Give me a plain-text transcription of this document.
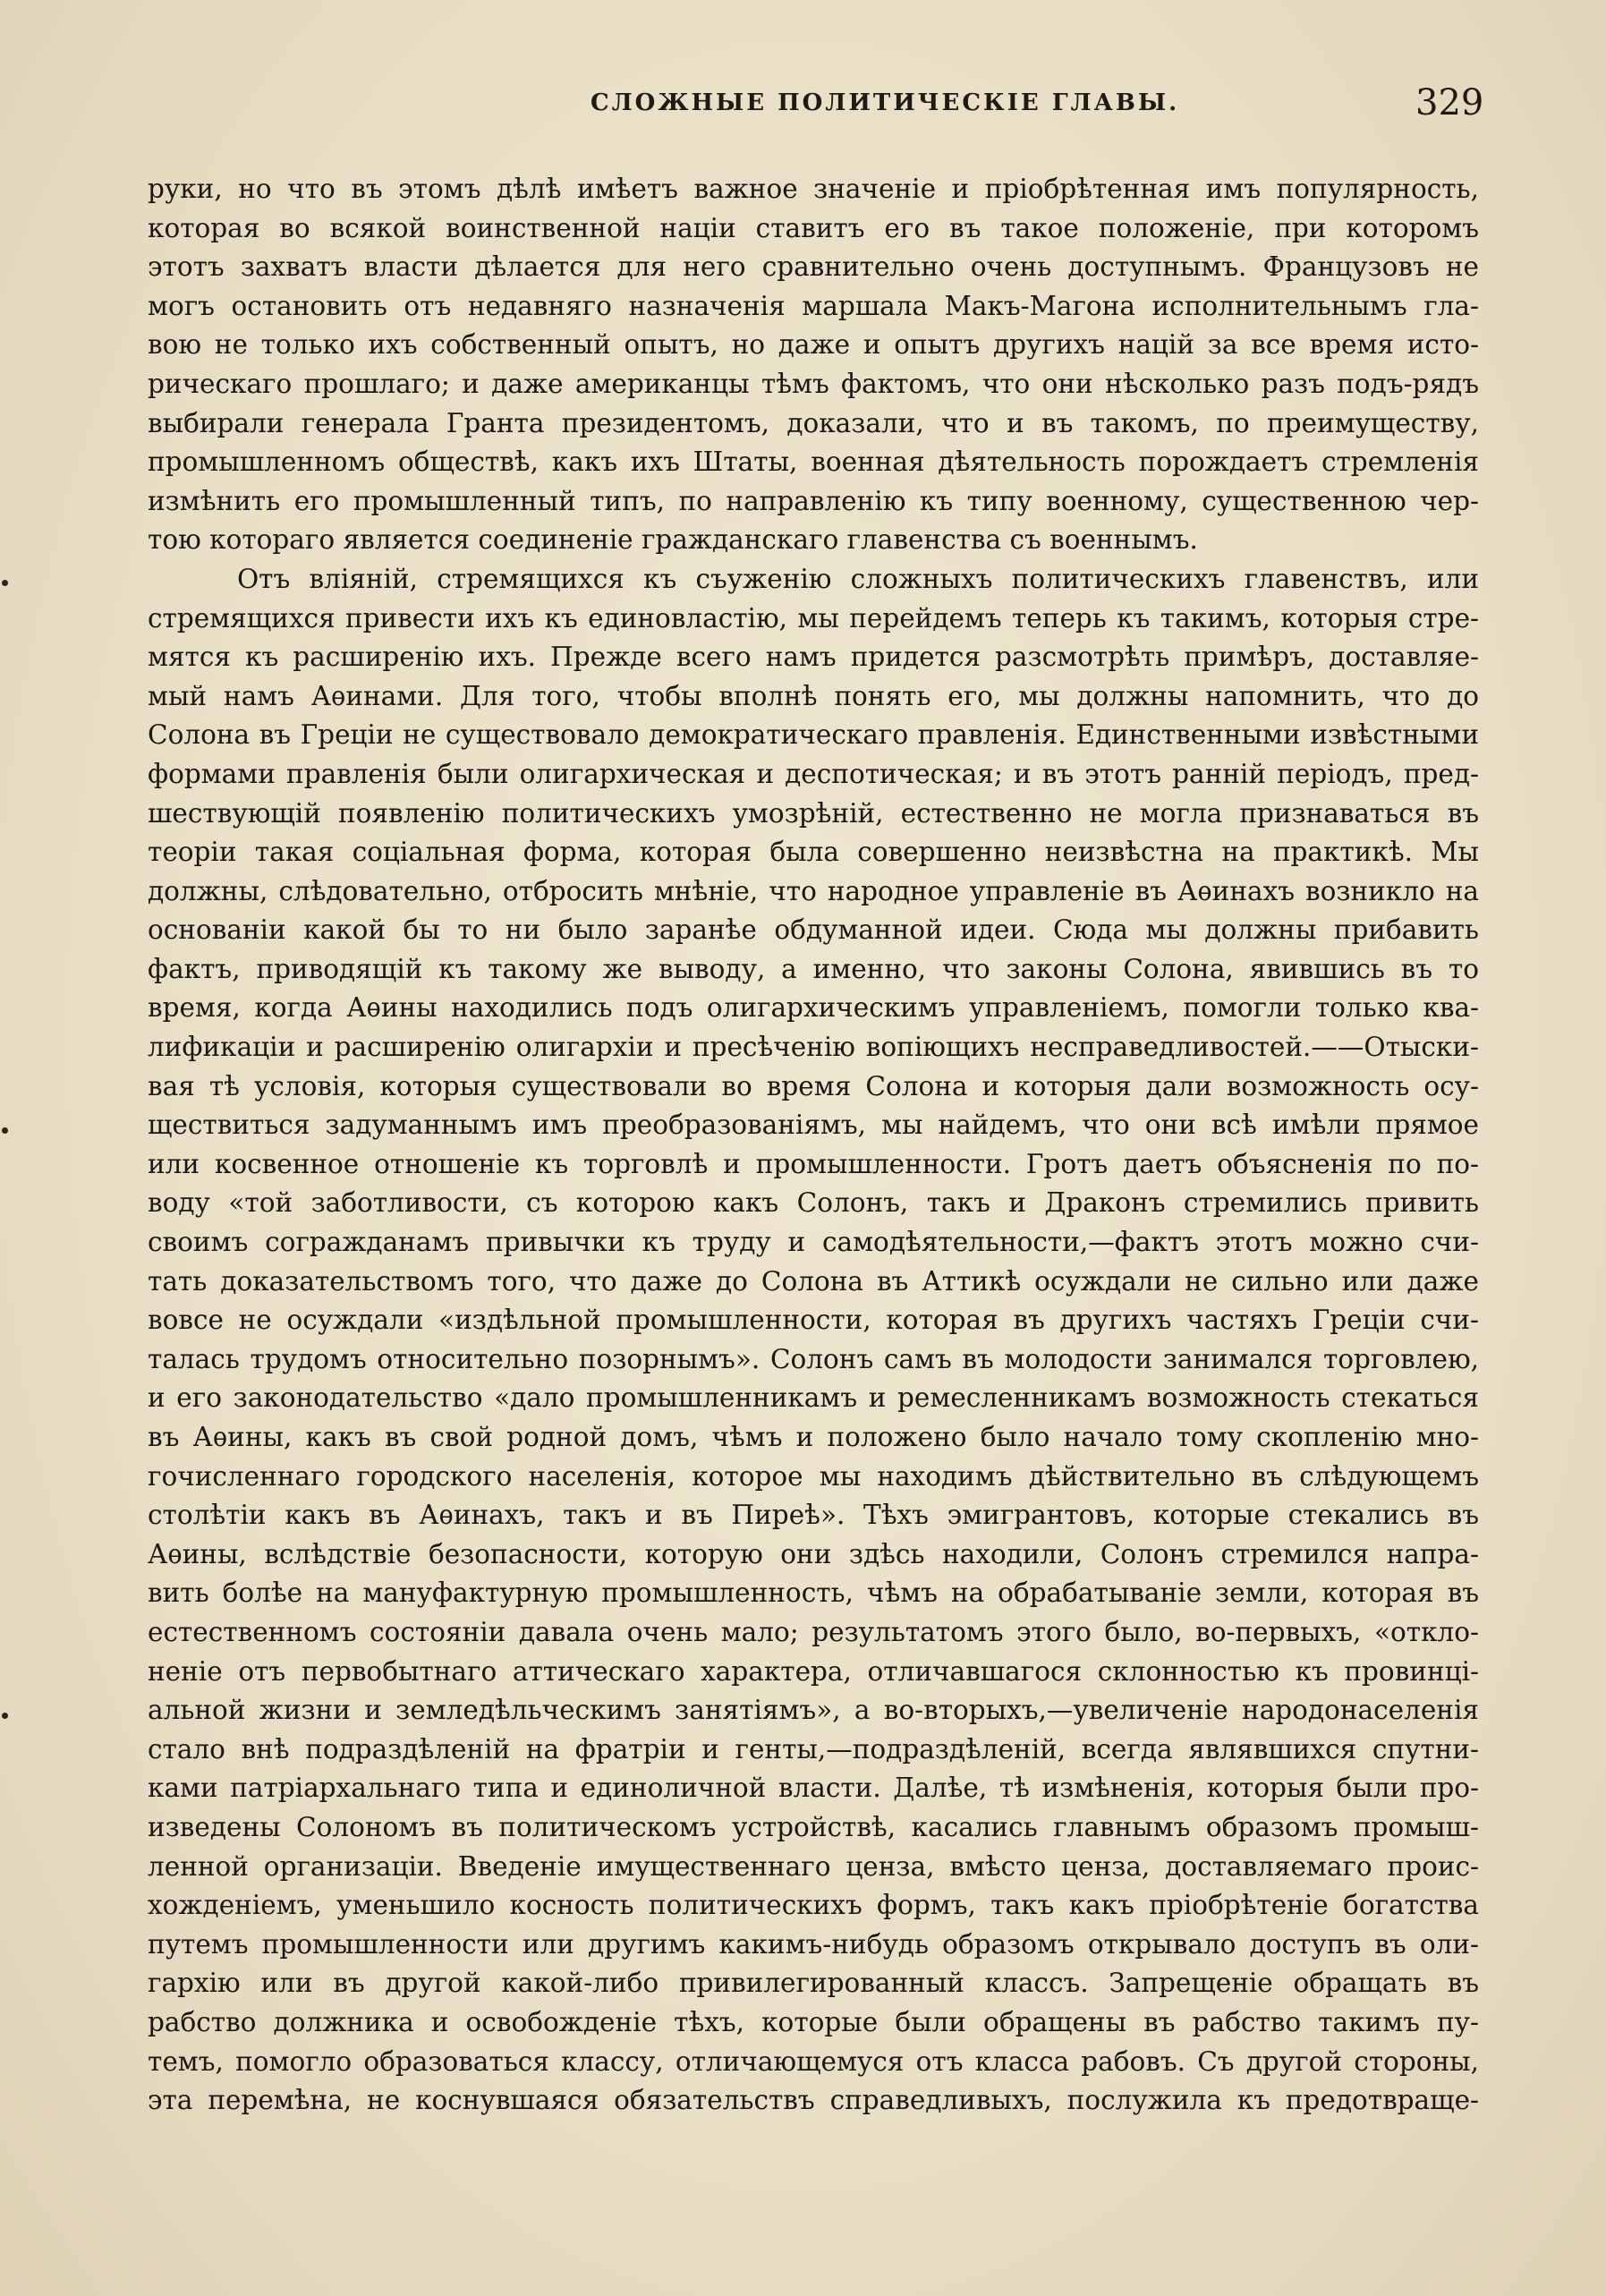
СЛОЖНЫЕ ПОЛИТИЧЕСКІЕ ГЛАВЫ.	329
руки, но что въ этомъ дѣлѣ имѣетъ важное значеніе и пріобрѣтенная имъ популярность,
которая во всякой воинственной націи ставитъ его въ такое положеніе, при которомъ
этотъ захватъ власти дѣлается для него сравнительно очень доступнымъ. Французовъ не
могъ остановить отъ недавняго назначенія маршала Макъ-Магона исполнительнымъ гла-
вою не только ихъ собственный опытъ, но даже и опытъ другихъ націй за все время исто-
рическаго прошлаго; и даже американцы тѣмъ фактомъ, что они нѣсколько разъ подъ-рядъ
выбирали генерала Гранта президентомъ, доказали, что и въ такомъ, по преимуществу,
промышленномъ обществѣ, какъ ихъ Штаты, военная дѣятельность порождаетъ стремленія
измѣнить его промышленный типъ, по направленію къ типу военному, существенною чер-
тою котораго является соединеніе гражданскаго главенства съ военнымъ.
Отъ вліяній, стремящихся къ съуженію сложныхъ политическихъ главенствъ, или
стремящихся привести ихъ къ единовластію, мы перейдемъ теперь къ такимъ, которыя стре-
мятся къ расширенію ихъ. Прежде всего намъ придется разсмотрѣть примѣръ, доставляе-
мый намъ Аѳинами. Для того, чтобы вполнѣ понять его, мы должны напомнить, что до
Солона въ Греціи не существовало демократическаго правленія. Единственными извѣстными
формами правленія были олигархическая и деспотическая; и въ этотъ ранній періодъ, пред-
шествующій появленію политическихъ умозрѣній, естественно не могла признаваться въ
теоріи такая соціальная форма, которая была совершенно неизвѣстна на практикѣ. Мы
должны, слѣдовательно, отбросить мнѣніе, что народное управленіе въ Аѳинахъ возникло на
основаніи какой бы то ни было заранѣе обдуманной идеи. Сюда мы должны прибавить
фактъ, приводящій къ такому же выводу, а именно, что законы Солона, явившись въ то
время, когда Аѳины находились подъ олигархическимъ управленіемъ, помогли только ква-
лификаціи и расширенію олигархіи и пресѣченію вопіющихъ несправедливостей.——Отыски-
вая тѣ условія, которыя существовали во время Солона и которыя дали возможность осу-
ществиться задуманнымъ имъ преобразованіямъ, мы найдемъ, что они всѣ имѣли прямое
или косвенное отношеніе къ торговлѣ и промышленности. Гротъ даетъ объясненія по по-
воду «той заботливости, съ которою какъ Солонъ, такъ и Драконъ стремились привить
своимъ согражданамъ привычки къ труду и самодѣятельности,—фактъ этотъ можно счи-
тать доказательствомъ того, что даже до Солона въ Аттикѣ осуждали не сильно или даже
вовсе не осуждали «издѣльной промышленности, которая въ другихъ частяхъ Греціи счи-
талась трудомъ относительно позорнымъ». Солонъ самъ въ молодости занимался торговлею,
и его законодательство «дало промышленникамъ и ремесленникамъ возможность стекаться
въ Аѳины, какъ въ свой родной домъ, чѣмъ и положено было начало тому скопленію мно-
гочисленнаго городского населенія, которое мы находимъ дѣйствительно въ слѣдующемъ
столѣтіи какъ въ Аѳинахъ, такъ и въ Пиреѣ». Тѣхъ эмигрантовъ, которые стекались въ
Аѳины, вслѣдствіе безопасности, которую они здѣсь находили, Солонъ стремился напра-
вить болѣе на мануфактурную промышленность, чѣмъ на обрабатываніе земли, которая въ
естественномъ состояніи давала очень мало; результатомъ этого было, во-первыхъ, «откло-
неніе отъ первобытнаго аттическаго характера, отличавшагося склонностью къ провинці-
альной жизни и земледѣльческимъ занятіямъ», а во-вторыхъ,—увеличеніе народонаселенія
стало внѣ подраздѣленій на фратріи и генты,—подраздѣленій, всегда являвшихся спутни-
ками патріархальнаго типа и единоличной власти. Далѣе, тѣ измѣненія, которыя были про-
изведены Солономъ въ политическомъ устройствѣ, касались главнымъ образомъ промыш-
ленной организаціи. Введеніе имущественнаго ценза, вмѣсто ценза, доставляемаго проис-
хожденіемъ, уменьшило косность политическихъ формъ, такъ какъ пріобрѣтеніе богатства
путемъ промышленности или другимъ какимъ-нибудь образомъ открывало доступъ въ оли-
гархію или въ другой какой-либо привилегированный классъ. Запрещеніе обращать въ
рабство должника и освобожденіе тѣхъ, которые были обращены въ рабство такимъ пу-
темъ, помогло образоваться классу, отличающемуся отъ класса рабовъ. Съ другой стороны,
эта перемѣна, не коснувшаяся обязательствъ справедливыхъ, послужила къ предотвраще-
